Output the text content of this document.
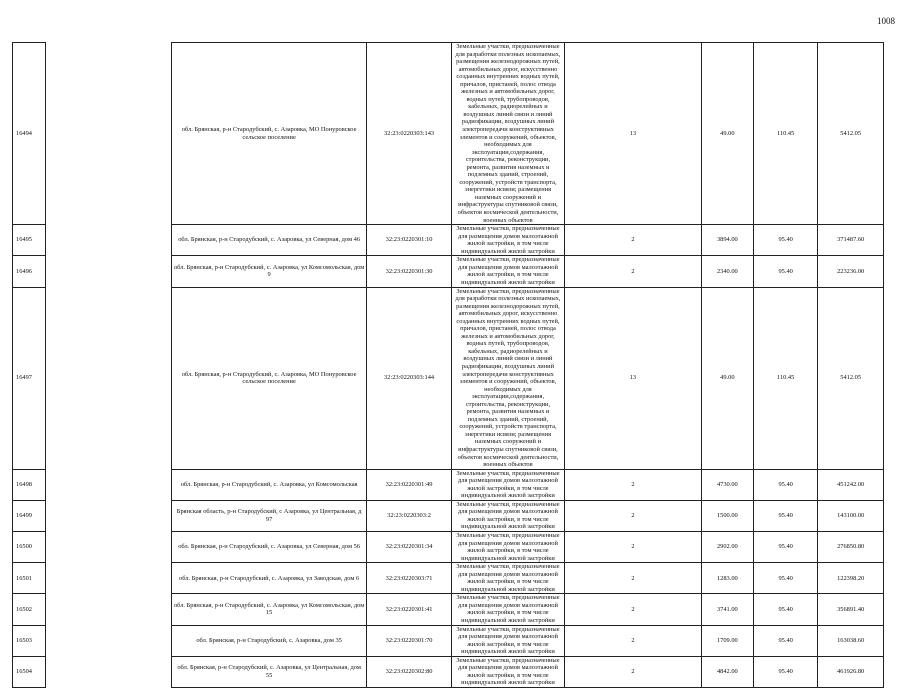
1008
16494		обл. Брянская, р-н Стародубский, с. Азаровка, МО Понуровское сельское поселение	32:23:0220303:143	Земельные участки, предназначенные для разработки полезных ископаемых, размещения железнодорожных путей, автомобильных дорог, искусственно созданных внутренних водных путей, причалов, пристаней, полос отвода железных и автомобильных дорог, водных путей, трубопроводов, кабельных, радиорелейных и воздушных линий связи и линий радиофикации, воздушных линий электропередачи конструктивных элементов и сооружений, объектов, необходимых для эксплуатации,содержания, строительства, реконструкции, ремонта, развития наземных и подземных зданий, строений, сооружений, устройств транспорта, энергетики исвязи; размещения наземных сооружений и инфраструктуры спутниковой связи, объектов космической деятельности, военных объектов	13	49.00	110.45	5412.05
16495		обл. Брянская, р-н Стародубский, с. Азаровка, ул Северная, дом 46	32:23:0220301:10	Земельные участки, предназначенные для размещения домов малоэтажной жилой застройки, в том числе индивидуальной жилой застройки	2	3894.00	95.40	371487.60
16496		обл. Брянская, р-н Стародубский, с. Азаровка, ул Комсомольская, дом 9	32:23:0220301:30	Земельные участки, предназначенные для размещения домов малоэтажной жилой застройки, в том числе индивидуальной жилой застройки	2	2340.00	95.40	223236.00
16497		обл. Брянская, р-н Стародубский, с. Азаровка, МО Понуровское сельское поселение	32:23:0220303:144	Земельные участки, предназначенные для разработки полезных ископаемых, размещения железнодорожных путей, автомобильных дорог, искусственно созданных внутренних водных путей, причалов, пристаней, полос отвода железных и автомобильных дорог, водных путей, трубопроводов, кабельных, радиорелейных и воздушных линий связи и линий радиофикации, воздушных линий электропередачи конструктивных элементов и сооружений, объектов, необходимых для эксплуатации,содержания, строительства, реконструкции, ремонта, развития наземных и подземных зданий, строений, сооружений, устройств транспорта, энергетики исвязи; размещения наземных сооружений и инфраструктуры спутниковой связи, объектов космической деятельности, военных объектов	13	49.00	110.45	5412.05
16498		обл. Брянская, р-н Стародубский, с. Азаровка, ул Комсомольская	32:23:0220301:49	Земельные участки, предназначенные для размещения домов малоэтажной жилой застройки, в том числе индивидуальной жилой застройки	2	4730.00	95.40	451242.00
16499		Брянская область, р-н Стародубский, с Азаровка, ул Центральная, д 97	32:23:0220303:2	Земельные участки, предназначенные для размещения домов малоэтажной жилой застройки, в том числе индивидуальной жилой застройки	2	1500.00	95.40	143100.00
16500		обл. Брянская, р-н Стародубский, с. Азаровка, ул Северная, дом 56	32:23:0220301:34	Земельные участки, предназначенные для размещения домов малоэтажной жилой застройки, в том числе индивидуальной жилой застройки	2	2902.00	95.40	276850.80
16501		обл. Брянская, р-н Стародубский, с. Азаровка, ул Заводская, дом 6	32:23:0220303:71	Земельные участки, предназначенные для размещения домов малоэтажной жилой застройки, в том числе индивидуальной жилой застройки	2	1283.00	95.40	122398.20
16502		обл. Брянская, р-н Стародубский, с. Азаровка, ул Комсомольская, дом 15	32:23:0220301:41	Земельные участки, предназначенные для размещения домов малоэтажной жилой застройки, в том числе индивидуальной жилой застройки	2	3741.00	95.40	356891.40
16503		обл. Брянская, р-н Стародубский, с. Азаровка, дом 35	32:23:0220301:70	Земельные участки, предназначенные для размещения домов малоэтажной жилой застройки, в том числе индивидуальной жилой застройки	2	1709.00	95.40	163038.60
16504		обл. Брянская, р-н Стародубский, с. Азаровка, ул Центральная, дом 55	32:23:0220302:80	Земельные участки, предназначенные для размещения домов малоэтажной жилой застройки, в том числе индивидуальной жилой застройки	2	4842.00	95.40	461926.80
